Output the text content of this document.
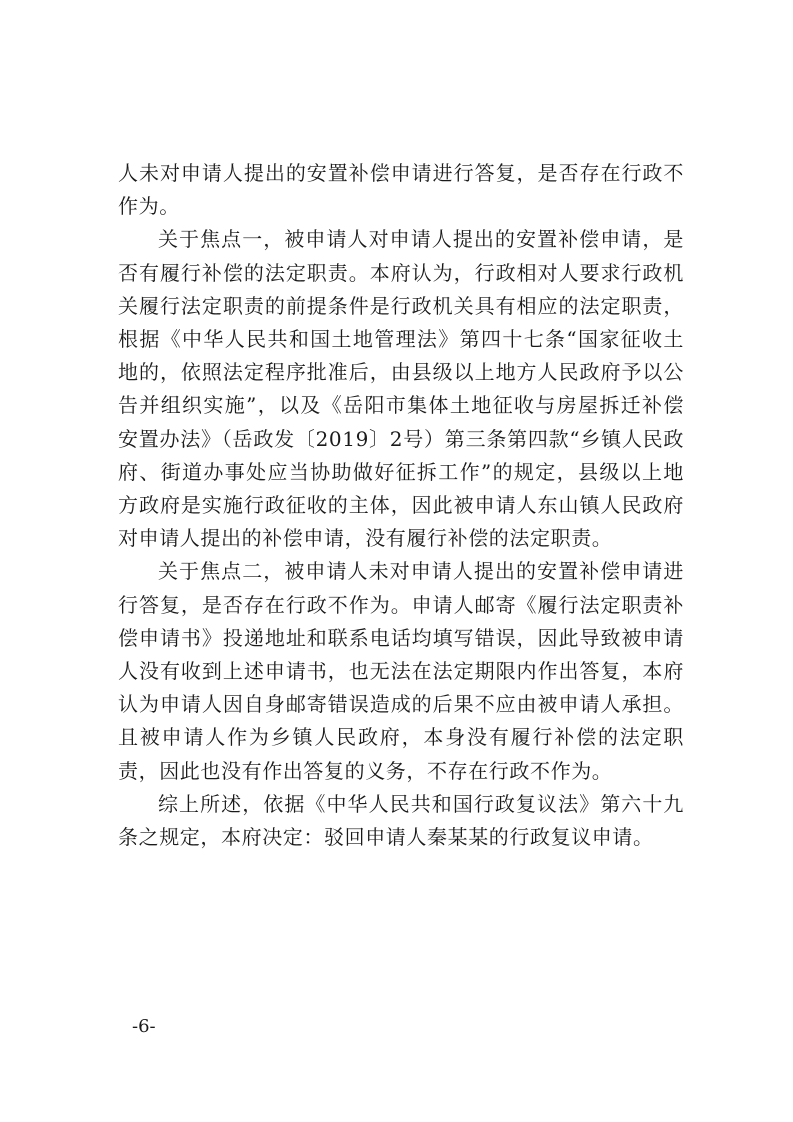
人未对申请人提出的安置补偿申请进行答复，是否存在行政不作为。

关于焦点一，被申请人对申请人提出的安置补偿申请，是否有履行补偿的法定职责。本府认为，行政相对人要求行政机关履行法定职责的前提条件是行政机关具有相应的法定职责，根据《中华人民共和国土地管理法》第四十七条“国家征收土地的，依照法定程序批准后，由县级以上地方人民政府予以公告并组织实施”，以及《岳阳市集体土地征收与房屋拆迁补偿安置办法》（岳政发〔2019〕2号）第三条第四款“乡镇人民政府、街道办事处应当协助做好征拆工作”的规定，县级以上地方政府是实施行政征收的主体，因此被申请人东山镇人民政府对申请人提出的补偿申请，没有履行补偿的法定职责。

关于焦点二，被申请人未对申请人提出的安置补偿申请进行答复，是否存在行政不作为。申请人邮寄《履行法定职责补偿申请书》投递地址和联系电话均填写错误，因此导致被申请人没有收到上述申请书，也无法在法定期限内作出答复，本府认为申请人因自身邮寄错误造成的后果不应由被申请人承担。且被申请人作为乡镇人民政府，本身没有履行补偿的法定职责，因此也没有作出答复的义务，不存在行政不作为。

综上所述，依据《中华人民共和国行政复议法》第六十九条之规定，本府决定：驳回申请人秦某某的行政复议申请。

-6-
